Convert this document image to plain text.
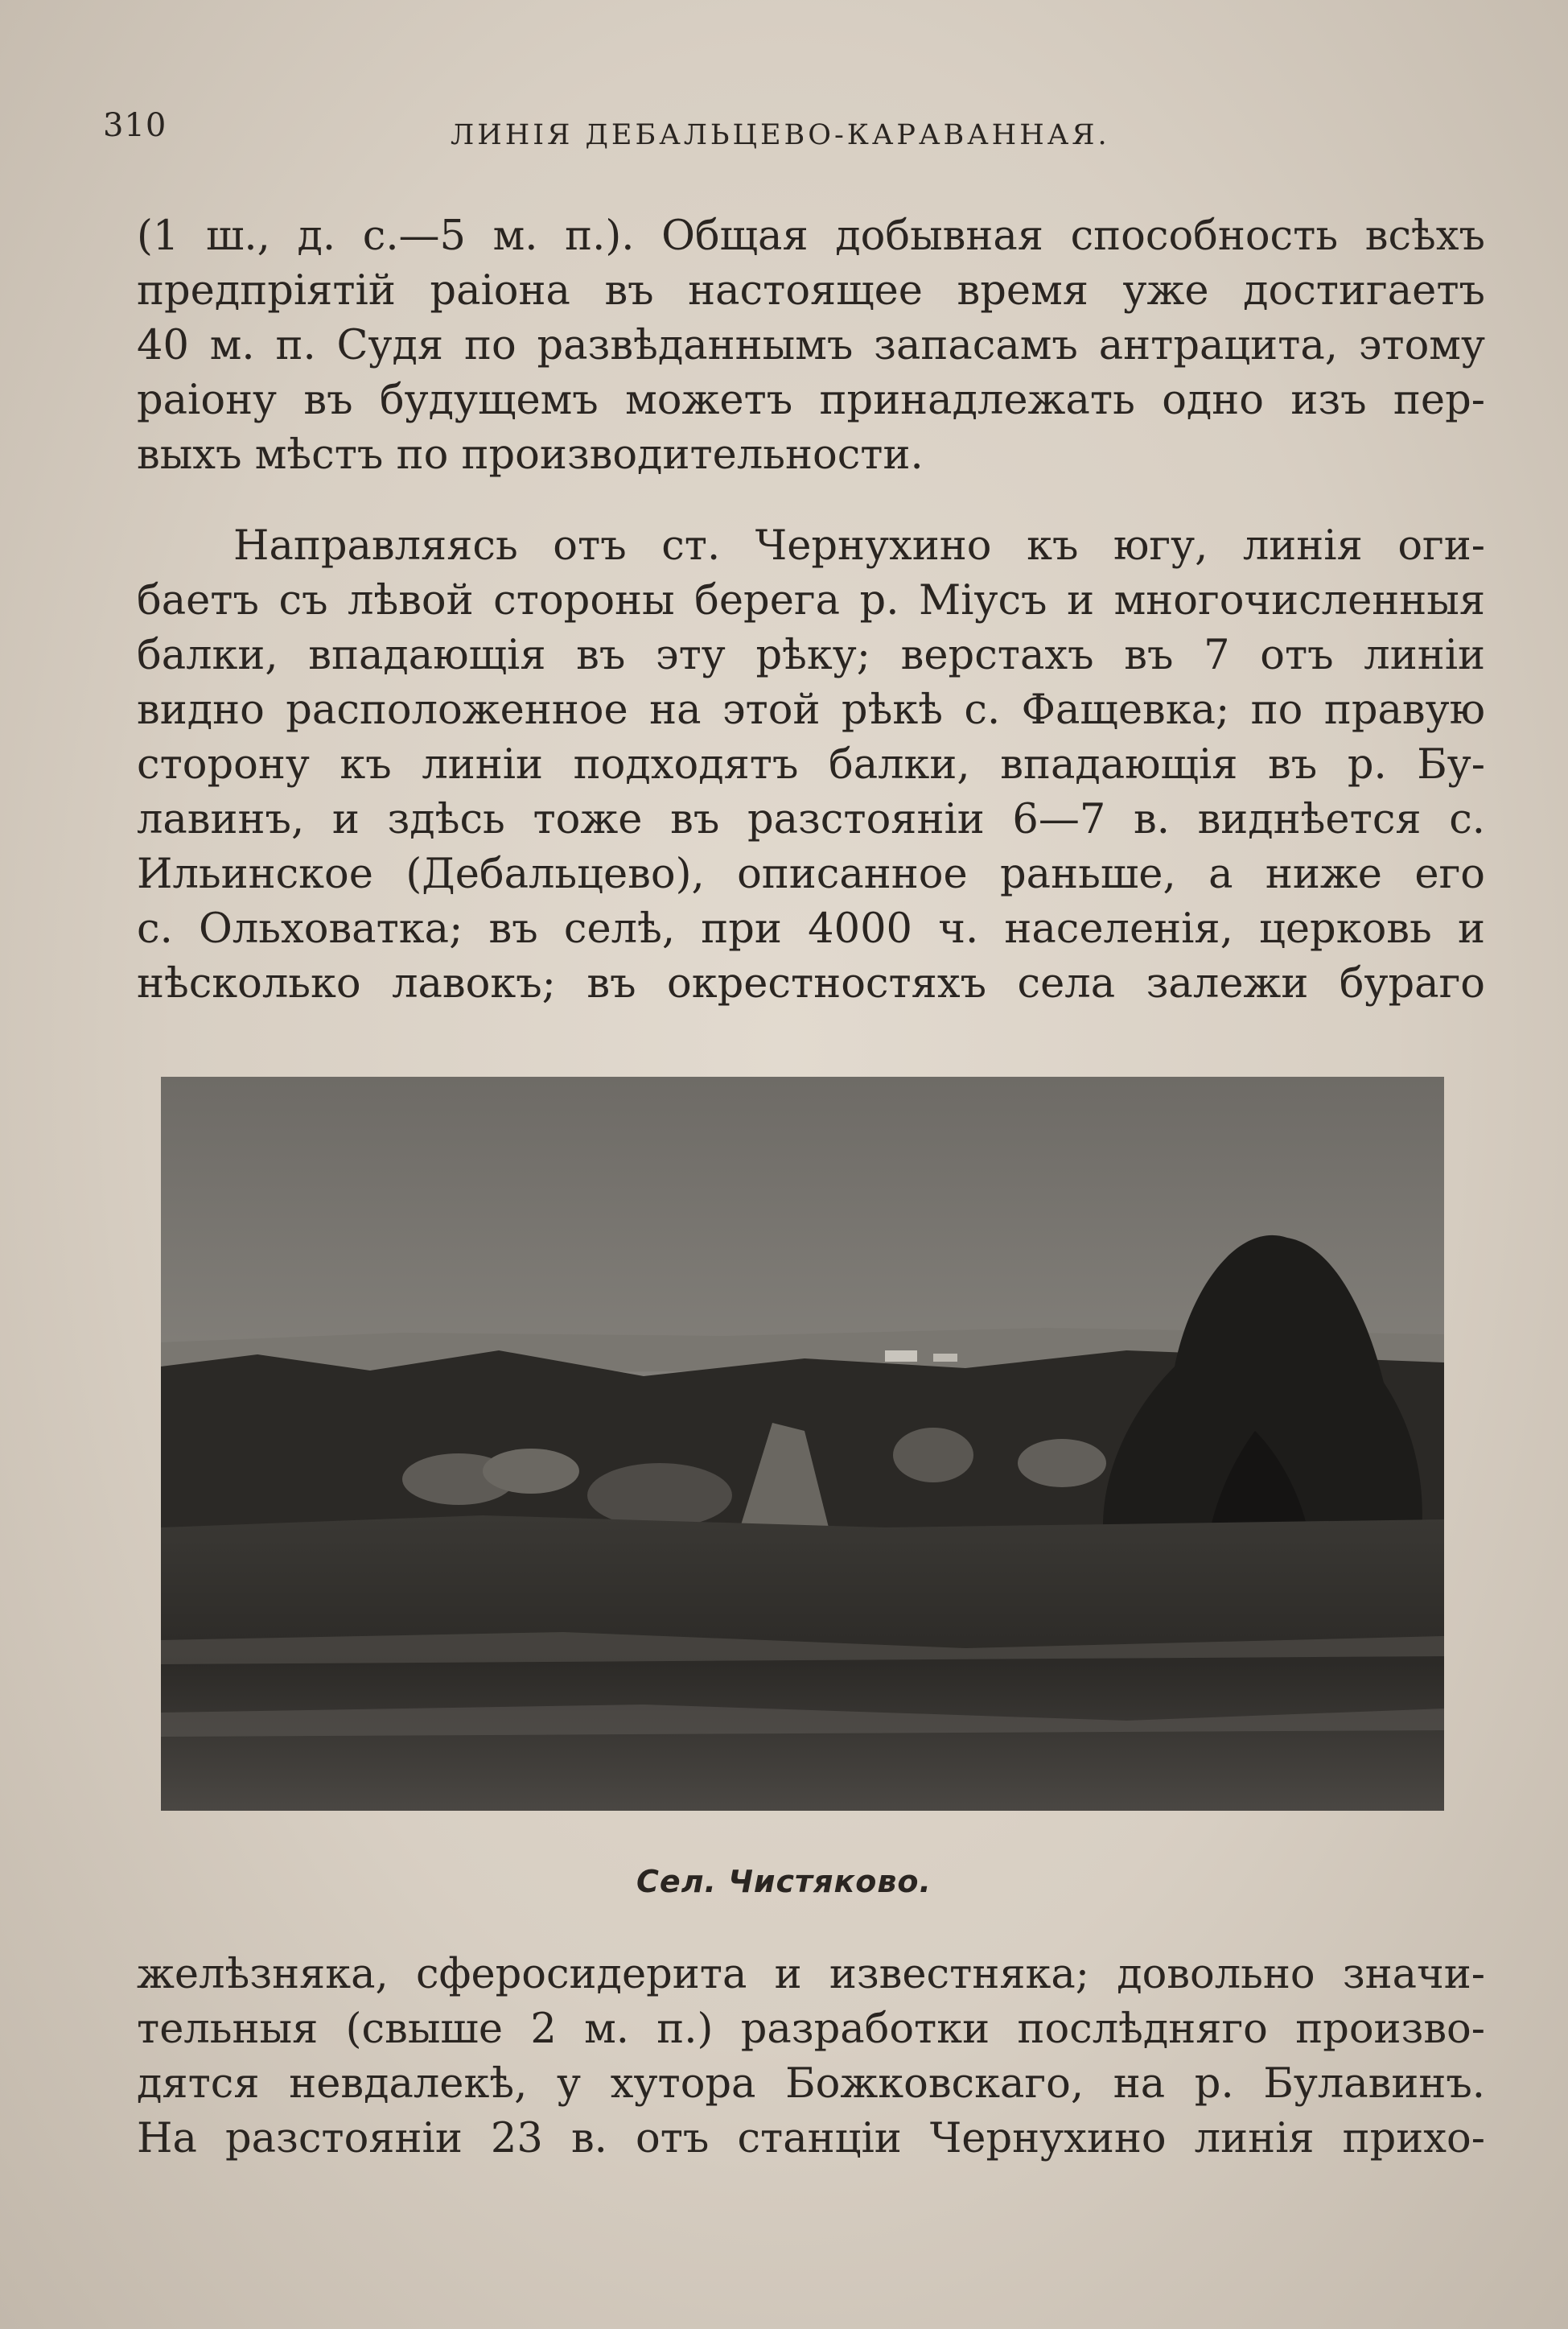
310	ЛИНІЯ ДЕБАЛЬЦЕВО-КАРАВАННАЯ.

(1 ш., д. с.—5 м. п.). Общая добывная способность всѣхъ
предпріятій раіона въ настоящее время уже достигаетъ
40 м. п. Судя по развѣданнымъ запасамъ антрацита, этому
раіону въ будущемъ можетъ принадлежать одно изъ пер-
выхъ мѣстъ по производительности.

Направляясь отъ ст. Чернухино къ югу, линія оги-
баетъ съ лѣвой стороны берега р. Міусъ и многочисленныя
балки, впадающія въ эту рѣку; верстахъ въ 7 отъ линіи
видно расположенное на этой рѣкѣ с. Фащевка; по правую
сторону къ линіи подходятъ балки, впадающія въ р. Бу-
лавинъ, и здѣсь тоже въ разстояніи 6—7 в. виднѣется с.
Ильинское (Дебальцево), описанное раньше, а ниже его
с. Ольховатка; въ селѣ, при 4000 ч. населенія, церковь и
нѣсколько лавокъ; въ окрестностяхъ села залежи бураго

Сел. Чистяково.

желѣзняка, сферосидерита и известняка; довольно значи-
тельныя (свыше 2 м. п.) разработки послѣдняго произво-
дятся невдалекѣ, у хутора Божковскаго, на р. Булавинъ.
На разстояніи 23 в. отъ станціи Чернухино линія прихо-
